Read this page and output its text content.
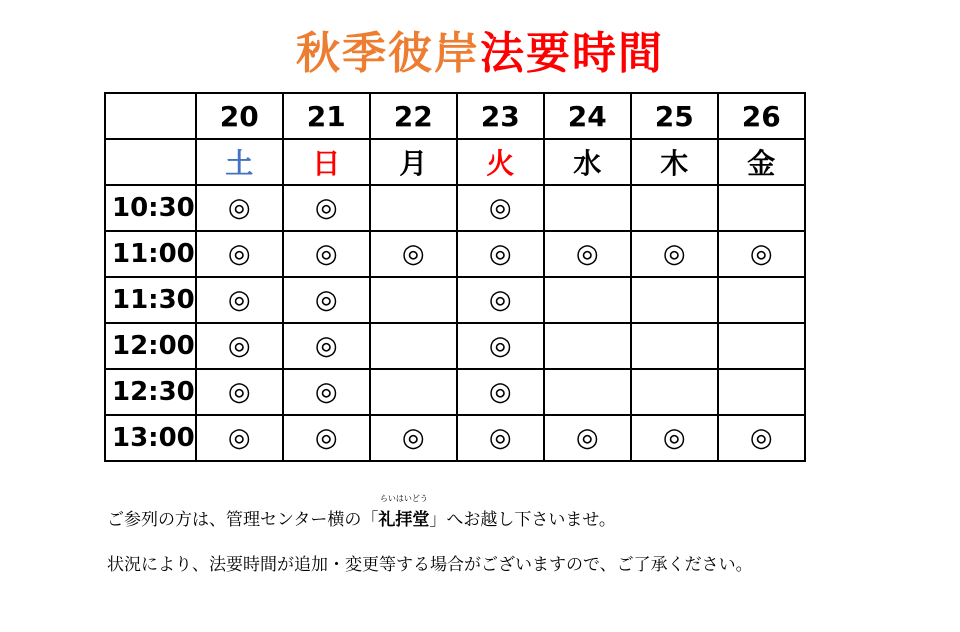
秋季彼岸法要時間
	20	21	22	23	24	25	26
	土	日	月	火	水	木	金
10:30	◎	◎		◎			
11:00	◎	◎	◎	◎	◎	◎	◎
11:30	◎	◎		◎			
12:00	◎	◎		◎			
12:30	◎	◎		◎			
13:00	◎	◎	◎	◎	◎	◎	◎
ご参列の方は、管理センター横の「
らいはいどう
礼拝堂」へお越し下さいませ。
状況により、法要時間が追加・変更等する場合がございますので、ご了承ください。
